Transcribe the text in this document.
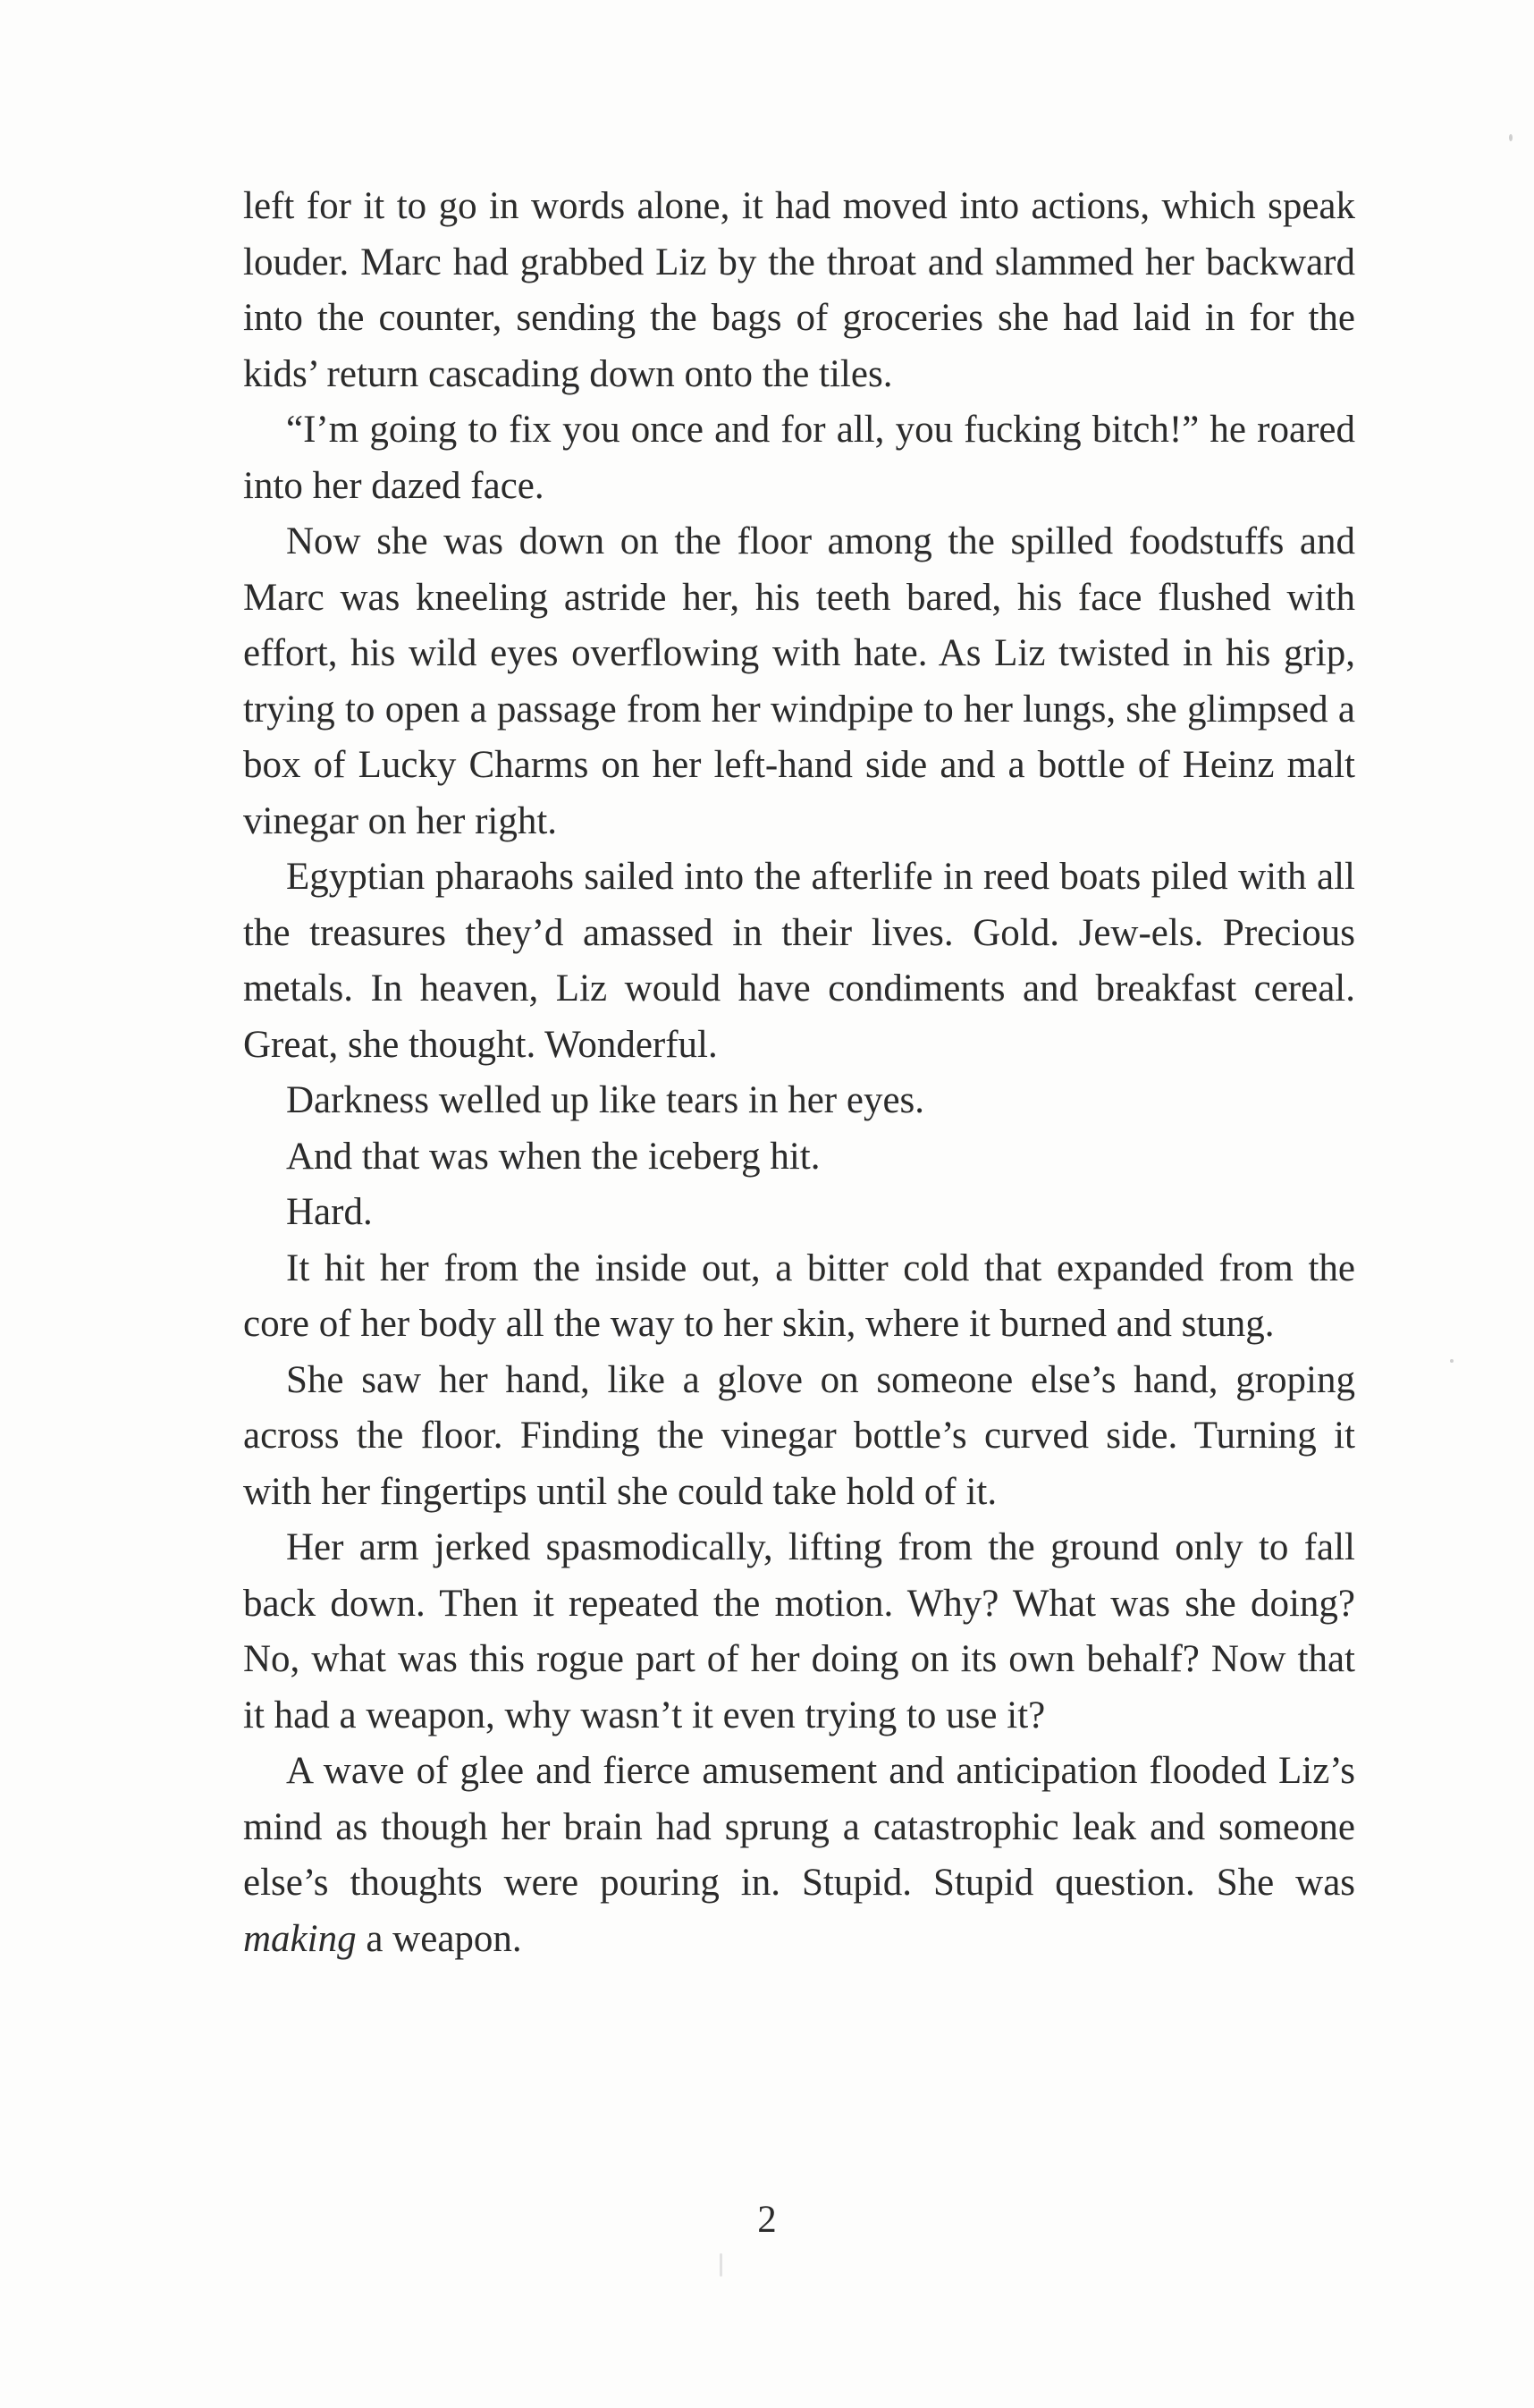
left for it to go in words alone, it had moved into actions, which speak louder. Marc had grabbed Liz by the throat and slammed her backward into the counter, sending the bags of groceries she had laid in for the kids’ return cascading down onto the tiles.

“I’m going to fix you once and for all, you fucking bitch!” he roared into her dazed face.

Now she was down on the floor among the spilled foodstuffs and Marc was kneeling astride her, his teeth bared, his face flushed with effort, his wild eyes overflowing with hate. As Liz twisted in his grip, trying to open a passage from her windpipe to her lungs, she glimpsed a box of Lucky Charms on her left-hand side and a bottle of Heinz malt vinegar on her right.

Egyptian pharaohs sailed into the afterlife in reed boats piled with all the treasures they’d amassed in their lives. Gold. Jew-els. Precious metals. In heaven, Liz would have condiments and breakfast cereal. Great, she thought. Wonderful.

Darkness welled up like tears in her eyes.

And that was when the iceberg hit.

Hard.

It hit her from the inside out, a bitter cold that expanded from the core of her body all the way to her skin, where it burned and stung.

She saw her hand, like a glove on someone else’s hand, groping across the floor. Finding the vinegar bottle’s curved side. Turning it with her fingertips until she could take hold of it.

Her arm jerked spasmodically, lifting from the ground only to fall back down. Then it repeated the motion. Why? What was she doing? No, what was this rogue part of her doing on its own behalf? Now that it had a weapon, why wasn’t it even trying to use it?

A wave of glee and fierce amusement and anticipation flooded Liz’s mind as though her brain had sprung a catastrophic leak and someone else’s thoughts were pouring in. Stupid. Stupid question. She was making a weapon.

2
